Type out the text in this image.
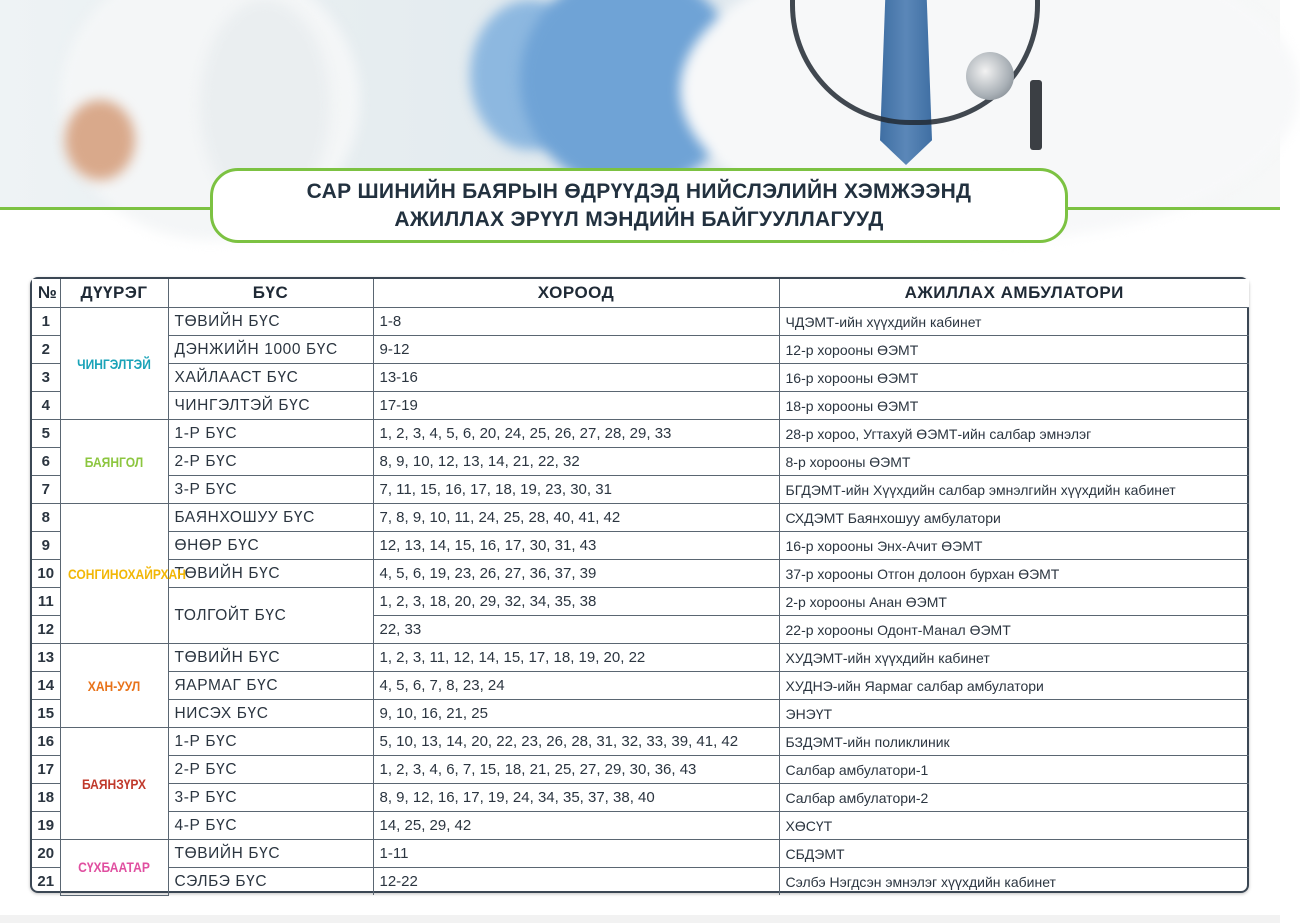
САР ШИНИЙН БАЯРЫН ӨДРҮҮДЭД НИЙСЛЭЛИЙН ХЭМЖЭЭНД
АЖИЛЛАХ ЭРҮҮЛ МЭНДИЙН БАЙГУУЛЛАГУУД
№	ДҮҮРЭГ	БҮС	ХОРООД	АЖИЛЛАХ АМБУЛАТОРИ
1	ЧИНГЭЛТЭЙ	ТӨВИЙН БҮС	1-8	ЧДЭМТ-ийн хүүхдийн кабинет
2		ДЭНЖИЙН 1000 БҮС	9-12	12-р хорооны ӨЭМТ
3		ХАЙЛААСТ БҮС	13-16	16-р хорооны ӨЭМТ
4		ЧИНГЭЛТЭЙ БҮС	17-19	18-р хорооны ӨЭМТ
5	БАЯНГОЛ	1-Р БҮС	1, 2, 3, 4, 5, 6, 20, 24, 25, 26, 27, 28, 29, 33	28-р хороо, Угтахуй ӨЭМТ-ийн салбар эмнэлэг
6		2-Р БҮС	8, 9, 10, 12, 13, 14, 21, 22, 32	8-р хорооны ӨЭМТ
7		3-Р БҮС	7, 11, 15, 16, 17, 18, 19, 23, 30, 31	БГДЭМТ-ийн Хүүхдийн салбар эмнэлгийн хүүхдийн кабинет
8	СОНГИНОХАЙРХАН	БАЯНХОШУУ БҮС	7, 8, 9, 10, 11, 24, 25, 28, 40, 41, 42	СХДЭМТ Баянхошуу амбулатори
9		ӨНӨР БҮС	12, 13, 14, 15, 16, 17, 30, 31, 43	16-р хорооны Энх-Ачит ӨЭМТ
10		ТӨВИЙН БҮС	4, 5, 6, 19, 23, 26, 27, 36, 37, 39	37-р хорооны Отгон долоон бурхан ӨЭМТ
11		ТОЛГОЙТ БҮС	1, 2, 3, 18, 20, 29, 32, 34, 35, 38	2-р хорооны Анан ӨЭМТ
12			22, 33	22-р хорооны Одонт-Манал ӨЭМТ
13	ХАН-УУЛ	ТӨВИЙН БҮС	1, 2, 3, 11, 12, 14, 15, 17, 18, 19, 20, 22	ХУДЭМТ-ийн хүүхдийн кабинет
14		ЯАРМАГ БҮС	4, 5, 6, 7, 8, 23, 24	ХУДНЭ-ийн Яармаг салбар амбулатори
15		НИСЭХ БҮС	9, 10, 16, 21, 25	ЭНЭҮТ
16	БАЯНЗҮРХ	1-Р БҮС	5, 10, 13, 14, 20, 22, 23, 26, 28, 31, 32, 33, 39, 41, 42	БЗДЭМТ-ийн поликлиник
17		2-Р БҮС	1, 2, 3, 4, 6, 7, 15, 18, 21, 25, 27, 29, 30, 36, 43	Салбар амбулатори-1
18		3-Р БҮС	8, 9, 12, 16, 17, 19, 24, 34, 35, 37, 38, 40	Салбар амбулатори-2
19		4-Р БҮС	14, 25, 29, 42	ХӨСҮТ
20	СҮХБААТАР	ТӨВИЙН БҮС	1-11	СБДЭМТ
21		СЭЛБЭ БҮС	12-22	Сэлбэ Нэгдсэн эмнэлэг хүүхдийн кабинет
